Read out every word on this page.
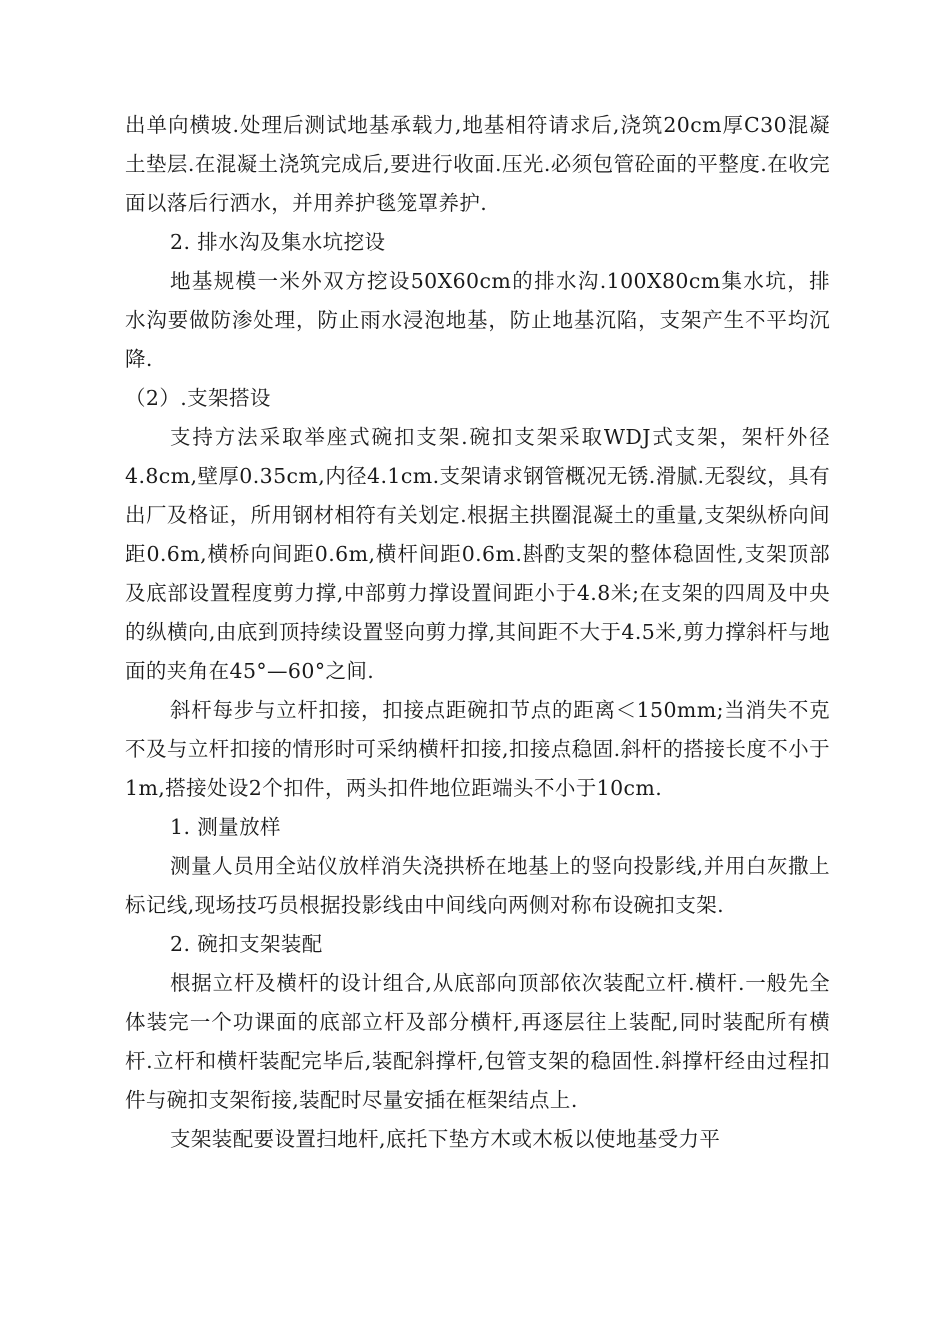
出单向横坡.处理后测试地基承载力,地基相符请求后,浇筑20cm厚C30混凝土垫层.在混凝土浇筑完成后,要进行收面.压光.必须包管砼面的平整度.在收完面以落后行洒水，并用养护毯笼罩养护.

2. 排水沟及集水坑挖设

地基规模一米外双方挖设50X60cm的排水沟.100X80cm集水坑，排水沟要做防渗处理，防止雨水浸泡地基，防止地基沉陷，支架产生不平均沉降.

（2）.支架搭设

支持方法采取举座式碗扣支架.碗扣支架采取WDJ式支架，架杆外径4.8cm,壁厚0.35cm,内径4.1cm.支架请求钢管概况无锈.滑腻.无裂纹，具有出厂及格证，所用钢材相符有关划定.根据主拱圈混凝土的重量,支架纵桥向间距0.6m,横桥向间距0.6m,横杆间距0.6m.斟酌支架的整体稳固性,支架顶部及底部设置程度剪力撑,中部剪力撑设置间距小于4.8米;在支架的四周及中央的纵横向,由底到顶持续设置竖向剪力撑,其间距不大于4.5米,剪力撑斜杆与地面的夹角在45°—60°之间.

斜杆每步与立杆扣接，扣接点距碗扣节点的距离＜150mm;当消失不克不及与立杆扣接的情形时可采纳横杆扣接,扣接点稳固.斜杆的搭接长度不小于1m,搭接处设2个扣件，两头扣件地位距端头不小于10cm.

1. 测量放样

测量人员用全站仪放样消失浇拱桥在地基上的竖向投影线,并用白灰撒上标记线,现场技巧员根据投影线由中间线向两侧对称布设碗扣支架.

2. 碗扣支架装配

根据立杆及横杆的设计组合,从底部向顶部依次装配立杆.横杆.一般先全体装完一个功课面的底部立杆及部分横杆,再逐层往上装配,同时装配所有横杆.立杆和横杆装配完毕后,装配斜撑杆,包管支架的稳固性.斜撑杆经由过程扣件与碗扣支架衔接,装配时尽量安插在框架结点上.

支架装配要设置扫地杆,底托下垫方木或木板以使地基受力平
